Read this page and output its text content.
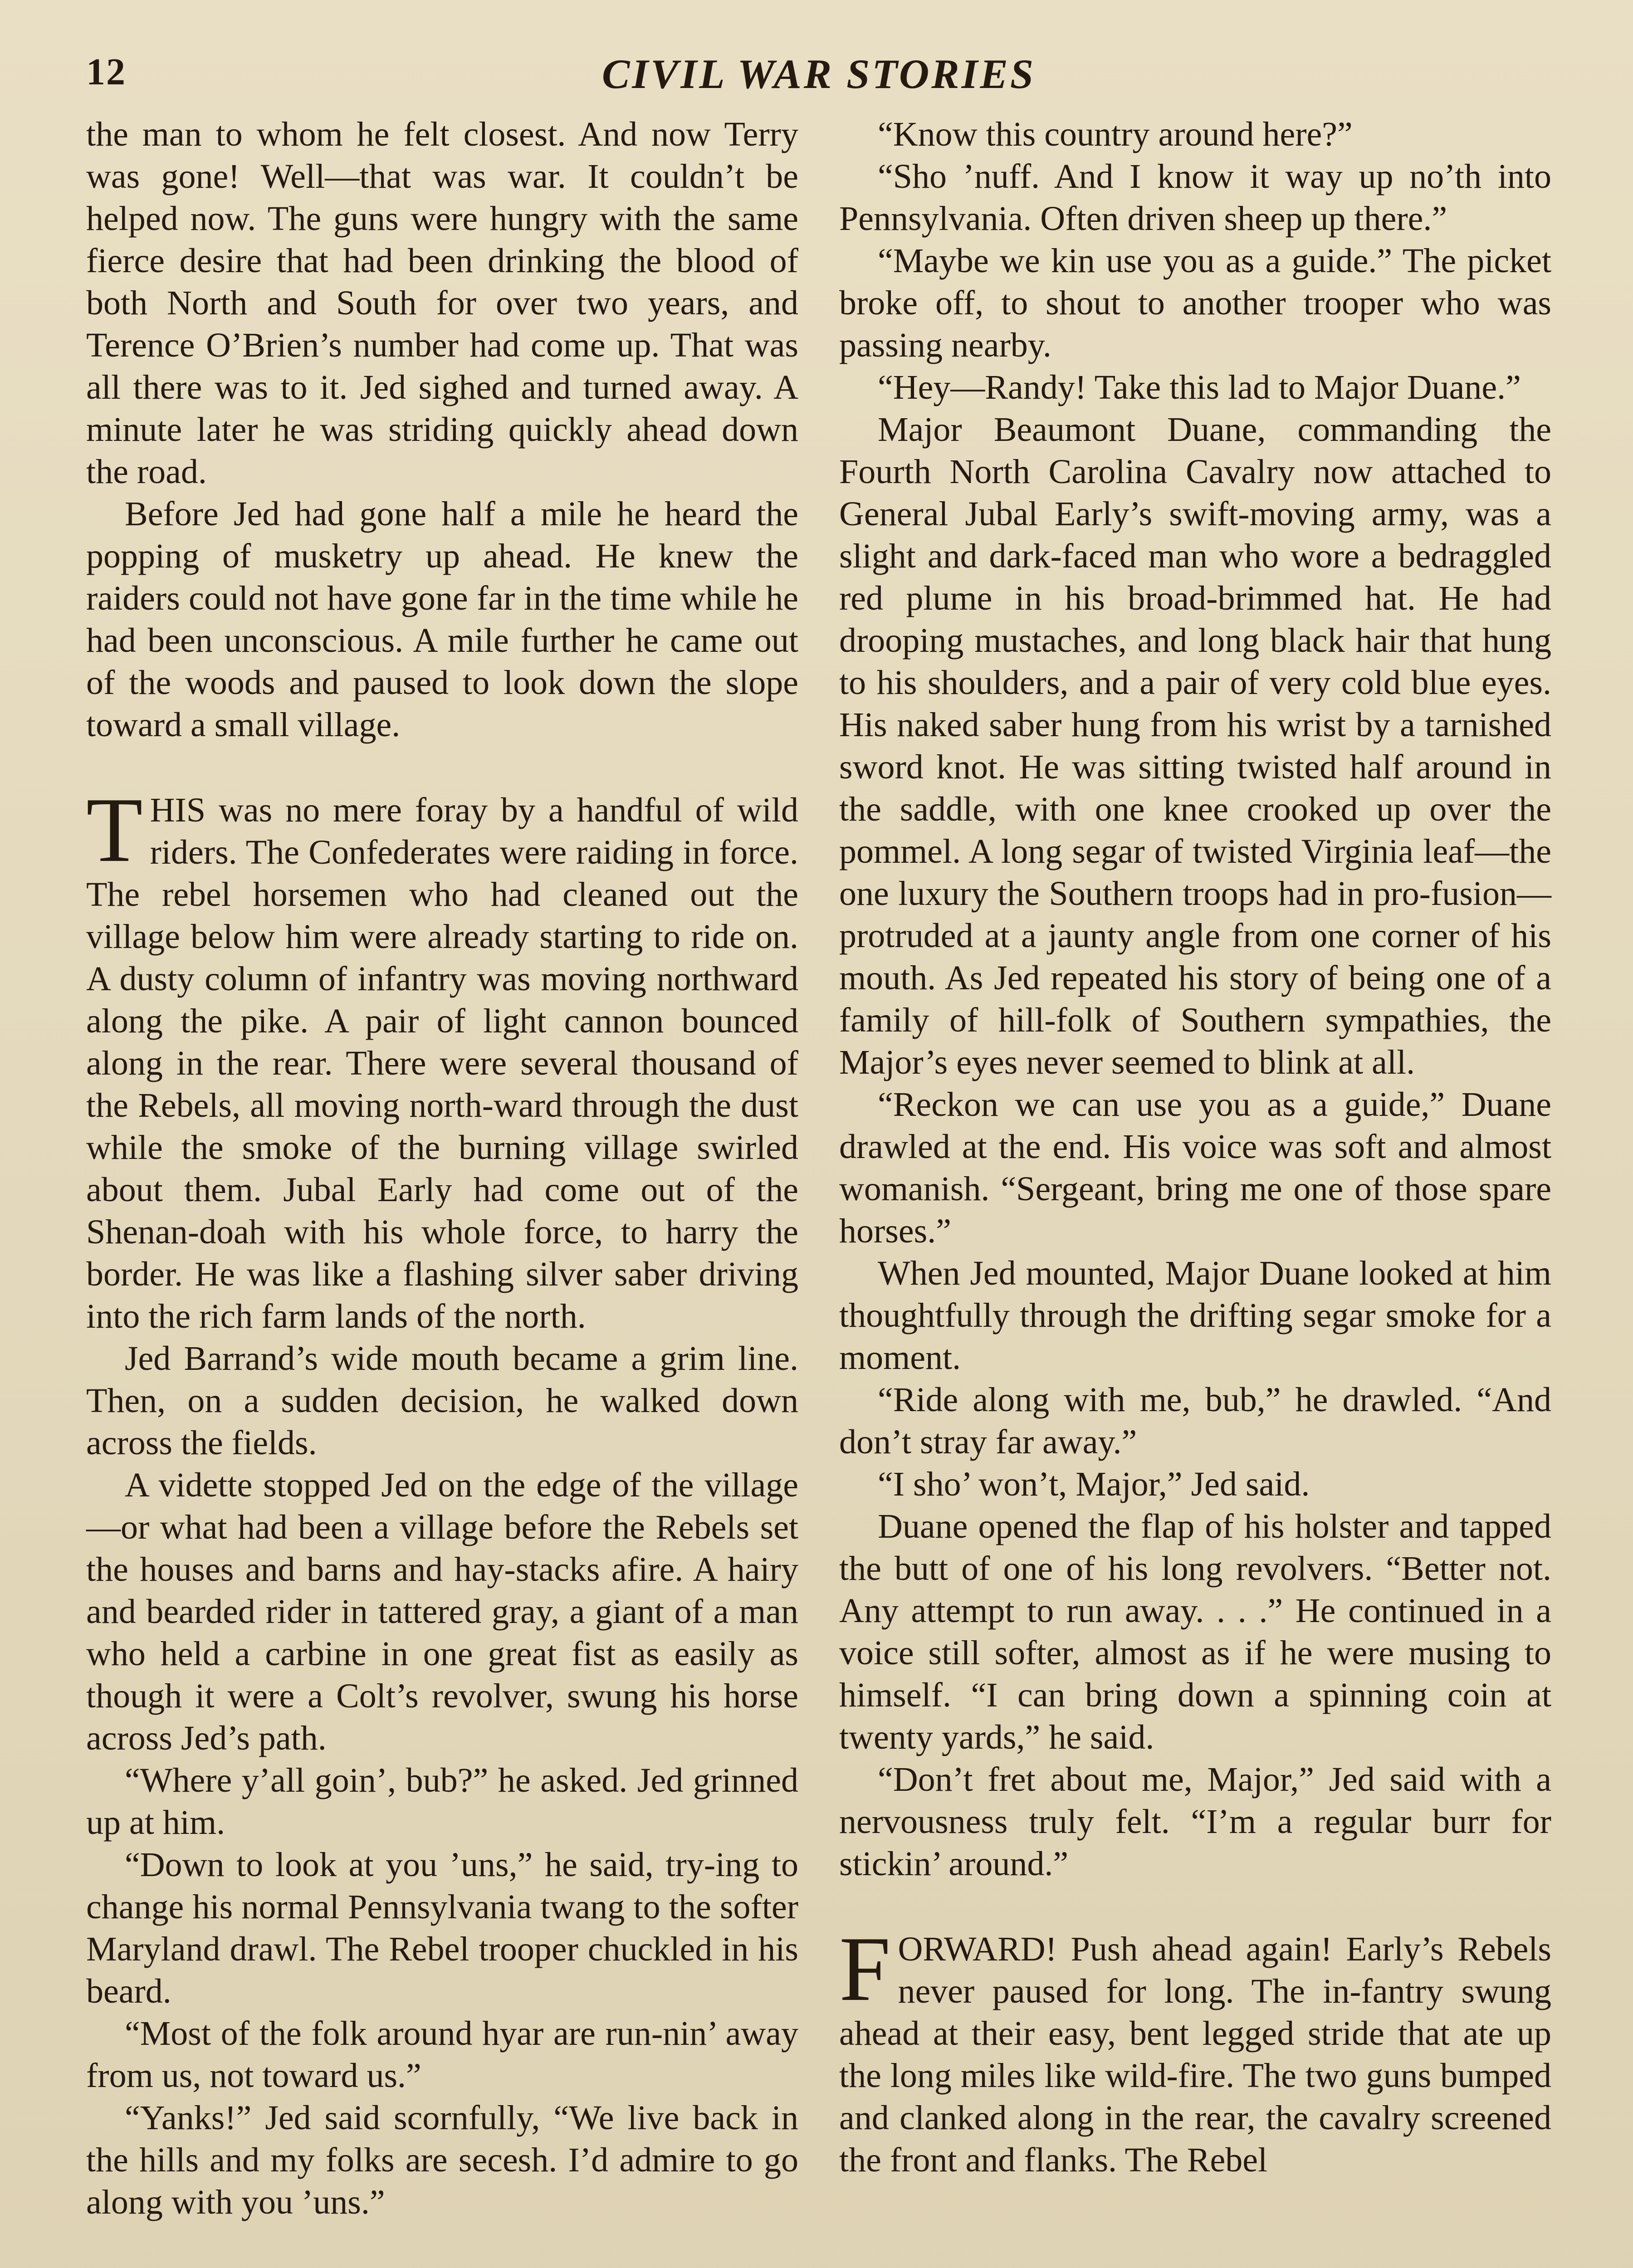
12	CIVIL WAR STORIES

the man to whom he felt closest. And now Terry was gone! Well—that was war. It couldn’t be helped now. The guns were hungry with the same fierce desire that had been drinking the blood of both North and South for over two years, and Terence O’Brien’s number had come up. That was all there was to it. Jed sighed and turned away. A minute later he was striding quickly ahead down the road.

Before Jed had gone half a mile he heard the popping of musketry up ahead. He knew the raiders could not have gone far in the time while he had been unconscious. A mile further he came out of the woods and paused to look down the slope toward a small village.

THIS was no mere foray by a handful of wild riders. The Confederates were raiding in force. The rebel horsemen who had cleaned out the village below him were already starting to ride on. A dusty column of infantry was moving northward along the pike. A pair of light cannon bounced along in the rear. There were several thousand of the Rebels, all moving north-ward through the dust while the smoke of the burning village swirled about them. Jubal Early had come out of the Shenan-doah with his whole force, to harry the border. He was like a flashing silver saber driving into the rich farm lands of the north.

Jed Barrand’s wide mouth became a grim line. Then, on a sudden decision, he walked down across the fields.

A vidette stopped Jed on the edge of the village—or what had been a village before the Rebels set the houses and barns and hay-stacks afire. A hairy and bearded rider in tattered gray, a giant of a man who held a carbine in one great fist as easily as though it were a Colt’s revolver, swung his horse across Jed’s path.

“Where y’all goin’, bub?” he asked. Jed grinned up at him.

“Down to look at you ’uns,” he said, try-ing to change his normal Pennsylvania twang to the softer Maryland drawl. The Rebel trooper chuckled in his beard.

“Most of the folk around hyar are run-nin’ away from us, not toward us.”

“Yanks!” Jed said scornfully, “We live back in the hills and my folks are secesh. I’d admire to go along with you ’uns.”

“Know this country around here?”

“Sho ’nuff. And I know it way up no’th into Pennsylvania. Often driven sheep up there.”

“Maybe we kin use you as a guide.” The picket broke off, to shout to another trooper who was passing nearby.

“Hey—Randy! Take this lad to Major Duane.”

Major Beaumont Duane, commanding the Fourth North Carolina Cavalry now attached to General Jubal Early’s swift-moving army, was a slight and dark-faced man who wore a bedraggled red plume in his broad-brimmed hat. He had drooping mustaches, and long black hair that hung to his shoulders, and a pair of very cold blue eyes. His naked saber hung from his wrist by a tarnished sword knot. He was sitting twisted half around in the saddle, with one knee crooked up over the pommel. A long segar of twisted Virginia leaf—the one luxury the Southern troops had in pro-fusion—protruded at a jaunty angle from one corner of his mouth. As Jed repeated his story of being one of a family of hill-folk of Southern sympathies, the Major’s eyes never seemed to blink at all.

“Reckon we can use you as a guide,” Duane drawled at the end. His voice was soft and almost womanish. “Sergeant, bring me one of those spare horses.”

When Jed mounted, Major Duane looked at him thoughtfully through the drifting segar smoke for a moment.

“Ride along with me, bub,” he drawled. “And don’t stray far away.”

“I sho’ won’t, Major,” Jed said.

Duane opened the flap of his holster and tapped the butt of one of his long revolvers. “Better not. Any attempt to run away. . . .” He continued in a voice still softer, almost as if he were musing to himself. “I can bring down a spinning coin at twenty yards,” he said.

“Don’t fret about me, Major,” Jed said with a nervousness truly felt. “I’m a regular burr for stickin’ around.”

FORWARD! Push ahead again! Early’s Rebels never paused for long. The in-fantry swung ahead at their easy, bent legged stride that ate up the long miles like wild-fire. The two guns bumped and clanked along in the rear, the cavalry screened the front and flanks. The Rebel
